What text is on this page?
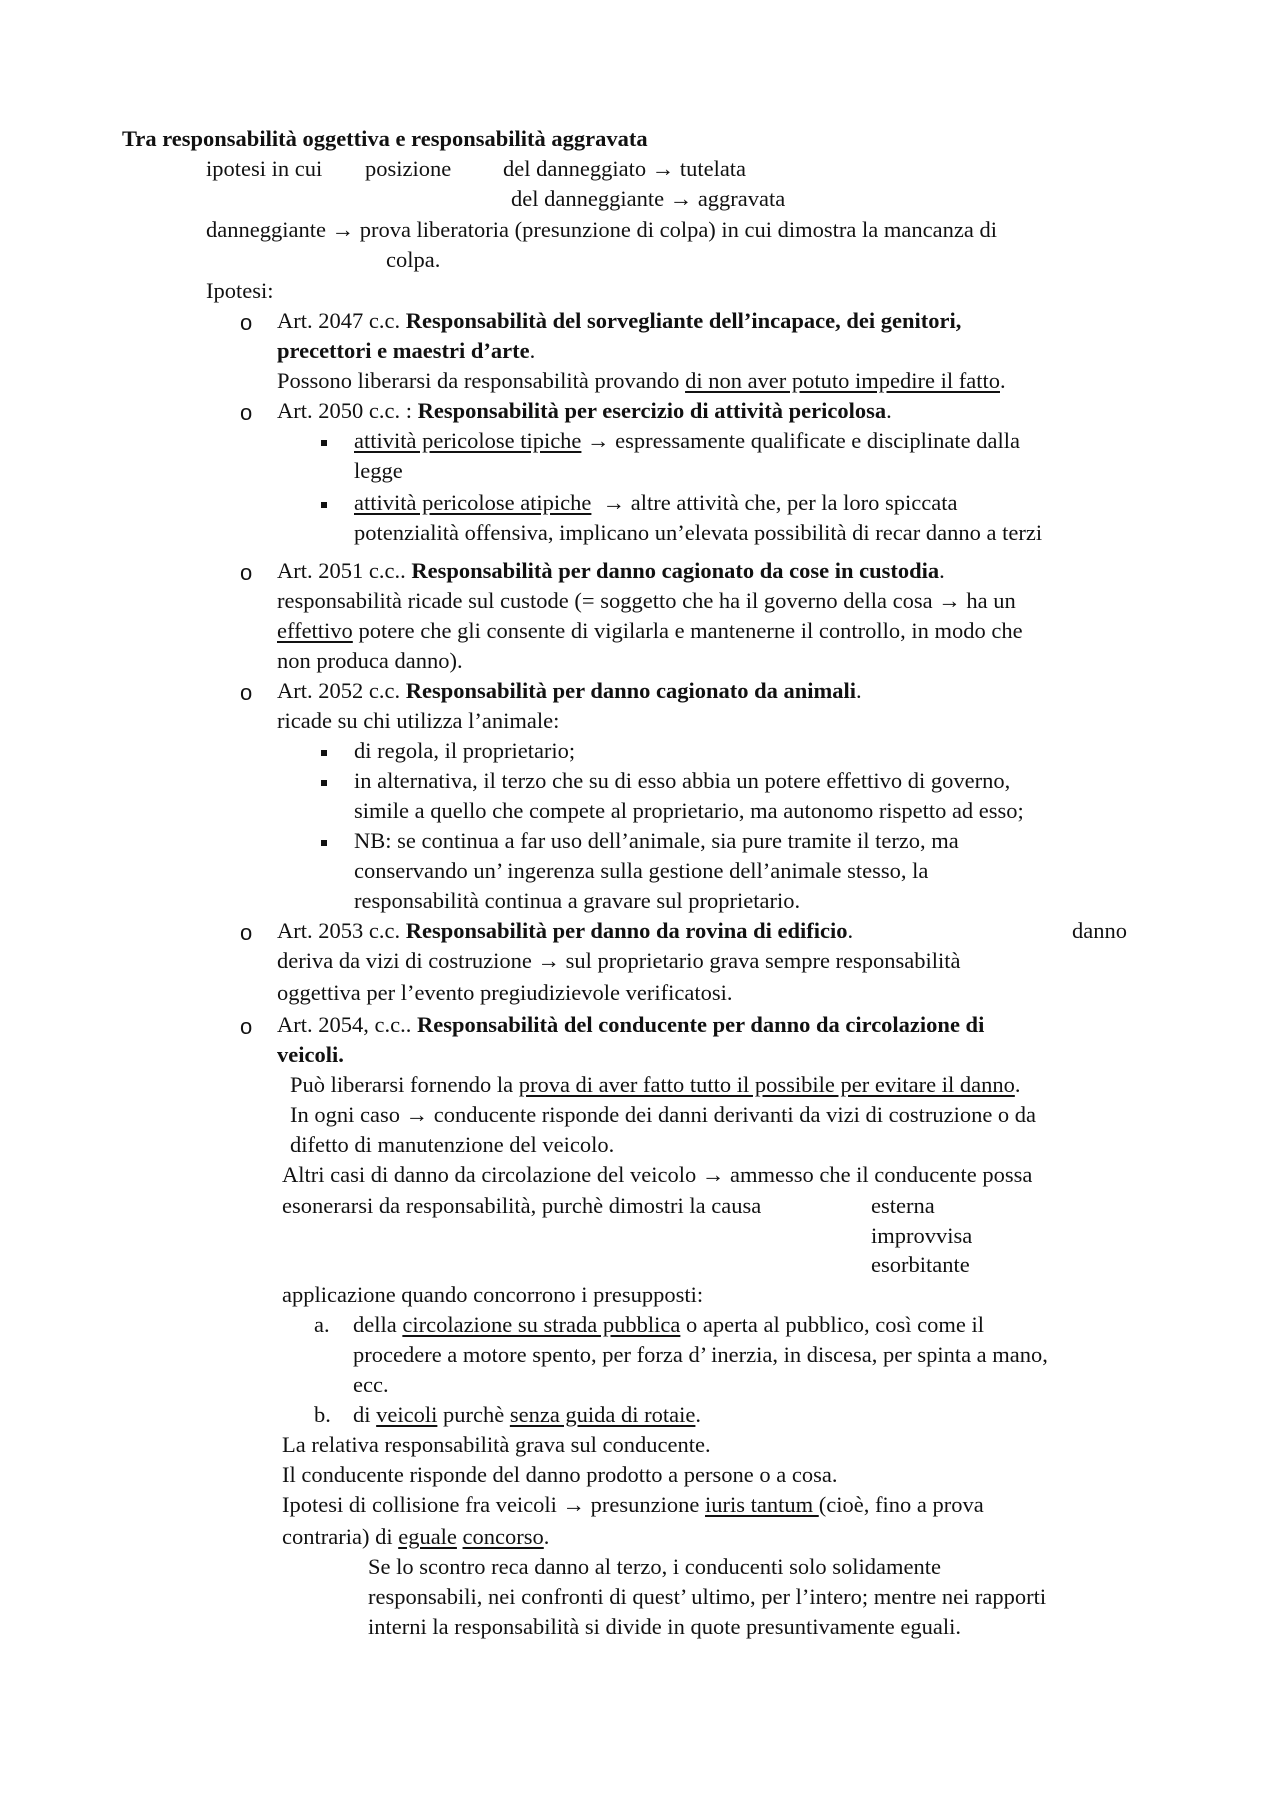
Tra responsabilità oggettiva e responsabilità aggravata
ipotesi in cui posizione del danneggiato → tutelata
del danneggiante → aggravata
danneggiante → prova liberatoria (presunzione di colpa) in cui dimostra la mancanza di
colpa.
Ipotesi:
o Art. 2047 c.c. Responsabilità del sorvegliante dell’incapace, dei genitori,
precettori e maestri d’arte.
Possono liberarsi da responsabilità provando di non aver potuto impedire il fatto.
o Art. 2050 c.c. : Responsabilità per esercizio di attività pericolosa.
attività pericolose tipiche → espressamente qualificate e disciplinate dalla
legge
attività pericolose atipiche → altre attività che, per la loro spiccata
potenzialità offensiva, implicano un’elevata possibilità di recar danno a terzi
o Art. 2051 c.c.. Responsabilità per danno cagionato da cose in custodia.
responsabilità ricade sul custode (= soggetto che ha il governo della cosa → ha un
effettivo potere che gli consente di vigilarla e mantenerne il controllo, in modo che
non produca danno).
o Art. 2052 c.c. Responsabilità per danno cagionato da animali.
ricade su chi utilizza l’animale:
di regola, il proprietario;
in alternativa, il terzo che su di esso abbia un potere effettivo di governo,
simile a quello che compete al proprietario, ma autonomo rispetto ad esso;
NB: se continua a far uso dell’animale, sia pure tramite il terzo, ma
conservando un’ ingerenza sulla gestione dell’animale stesso, la
responsabilità continua a gravare sul proprietario.
o Art. 2053 c.c. Responsabilità per danno da rovina di edificio.	danno
deriva da vizi di costruzione → sul proprietario grava sempre responsabilità
oggettiva per l’evento pregiudizievole verificatosi.
o Art. 2054, c.c.. Responsabilità del conducente per danno da circolazione di
veicoli.
Può liberarsi fornendo la prova di aver fatto tutto il possibile per evitare il danno.
In ogni caso → conducente risponde dei danni derivanti da vizi di costruzione o da
difetto di manutenzione del veicolo.
Altri casi di danno da circolazione del veicolo → ammesso che il conducente possa
esonerarsi da responsabilità, purchè dimostri la causa	esterna
improvvisa
esorbitante
applicazione quando concorrono i presupposti:
a. della circolazione su strada pubblica o aperta al pubblico, così come il
procedere a motore spento, per forza d’ inerzia, in discesa, per spinta a mano,
ecc.
b. di veicoli purchè senza guida di rotaie.
La relativa responsabilità grava sul conducente.
Il conducente risponde del danno prodotto a persone o a cosa.
Ipotesi di collisione fra veicoli → presunzione iuris tantum (cioè, fino a prova
contraria) di eguale concorso.
Se lo scontro reca danno al terzo, i conducenti solo solidamente
responsabili, nei confronti di quest’ ultimo, per l’intero; mentre nei rapporti
interni la responsabilità si divide in quote presuntivamente eguali.
